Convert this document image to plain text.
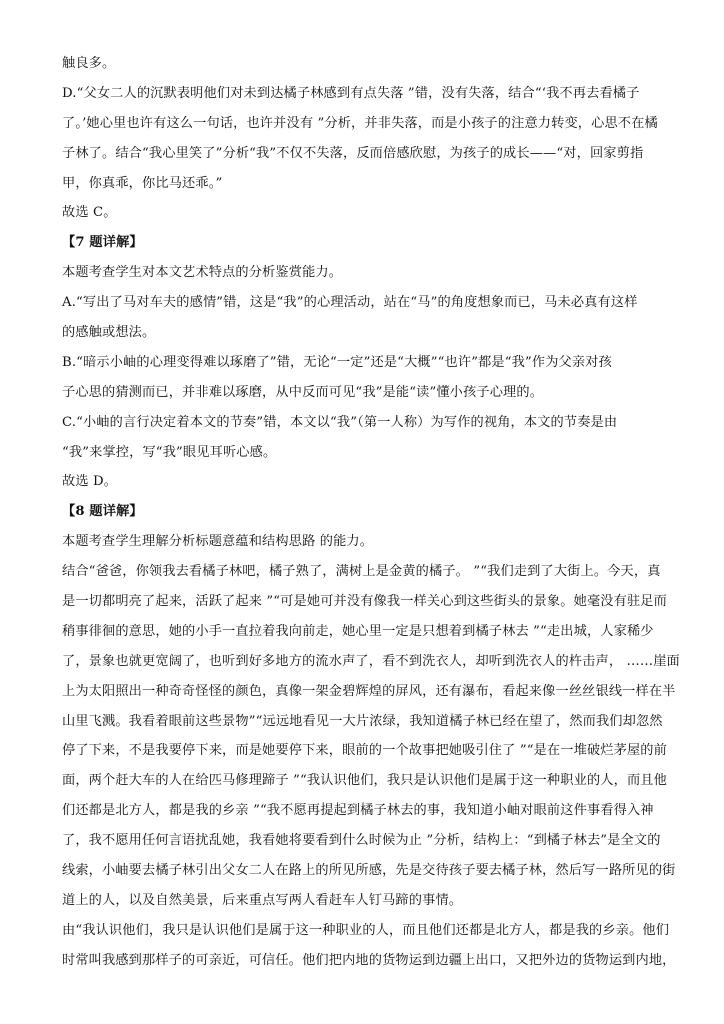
触良多。
D.“父女二人的沉默表明他们对未到达橘子林感到有点失落 ”错，没有失落，结合“‘我不再去看橘子
了。’她心里也许有这么一句话，也许并没有 ”分析，并非失落，而是小孩子的注意力转变，心思不在橘
子林了。结合“我心里笑了”分析“我”不仅不失落，反而倍感欣慰，为孩子的成长——“对，回家剪指
甲，你真乖，你比马还乖。”
故选 C。
【7 题详解】
本题考查学生对本文艺术特点的分析鉴赏能力。
A.“写出了马对车夫的感情”错，这是“我”的心理活动，站在“马”的角度想象而已，马未必真有这样
的感触或想法。
B.“暗示小岫的心理变得难以琢磨了”错，无论“一定”还是“大概”“也许”都是“我”作为父亲对孩
子心思的猜测而已，并非难以琢磨，从中反而可见“我”是能“读”懂小孩子心理的。
C.“小岫的言行决定着本文的节奏”错，本文以“我”（第一人称）为写作的视角，本文的节奏是由
“我”来掌控，写“我”眼见耳听心感。
故选 D。
【8 题详解】
本题考查学生理解分析标题意蕴和结构思路 的能力。
结合“爸爸，你领我去看橘子林吧，橘子熟了，满树上是金黄的橘子。 ”“我们走到了大街上。今天，真
是一切都明亮了起来，活跃了起来 ”“可是她可并没有像我一样关心到这些街头的景象。她毫没有驻足而
稍事徘徊的意思，她的小手一直拉着我向前走，她心里一定是只想着到橘子林去 ”“走出城，人家稀少
了，景象也就更宽阔了，也听到好多地方的流水声了，看不到洗衣人，却听到洗衣人的杵击声， ……崖面
上为太阳照出一种奇奇怪怪的颜色，真像一架金碧辉煌的屏风，还有瀑布，看起来像一丝丝银线一样在半
山里飞溅。我看着眼前这些景物”“远远地看见一大片浓绿，我知道橘子林已经在望了，然而我们却忽然
停了下来，不是我要停下来，而是她要停下来，眼前的一个故事把她吸引住了 ”“是在一堆破烂茅屋的前
面，两个赶大车的人在给匹马修理蹄子 ”“我认识他们，我只是认识他们是属于这一种职业的人，而且他
们还都是北方人，都是我的乡亲 ”“我不愿再提起到橘子林去的事，我知道小岫对眼前这件事看得入神
了，我不愿用任何言语扰乱她，我看她将要看到什么时候为止 ”分析，结构上：“到橘子林去”是全文的
线索，小岫要去橘子林引出父女二人在路上的所见所感，先是交待孩子要去橘子林，然后写一路所见的街
道上的人，以及自然美景，后来重点写两人看赶车人钉马蹄的事情。
由“我认识他们，我只是认识他们是属于这一种职业的人，而且他们还都是北方人，都是我的乡亲。他们
时常叫我感到那样子的可亲近，可信任。他们把内地的货物运到边疆上出口，又把外边的货物运到内地，
